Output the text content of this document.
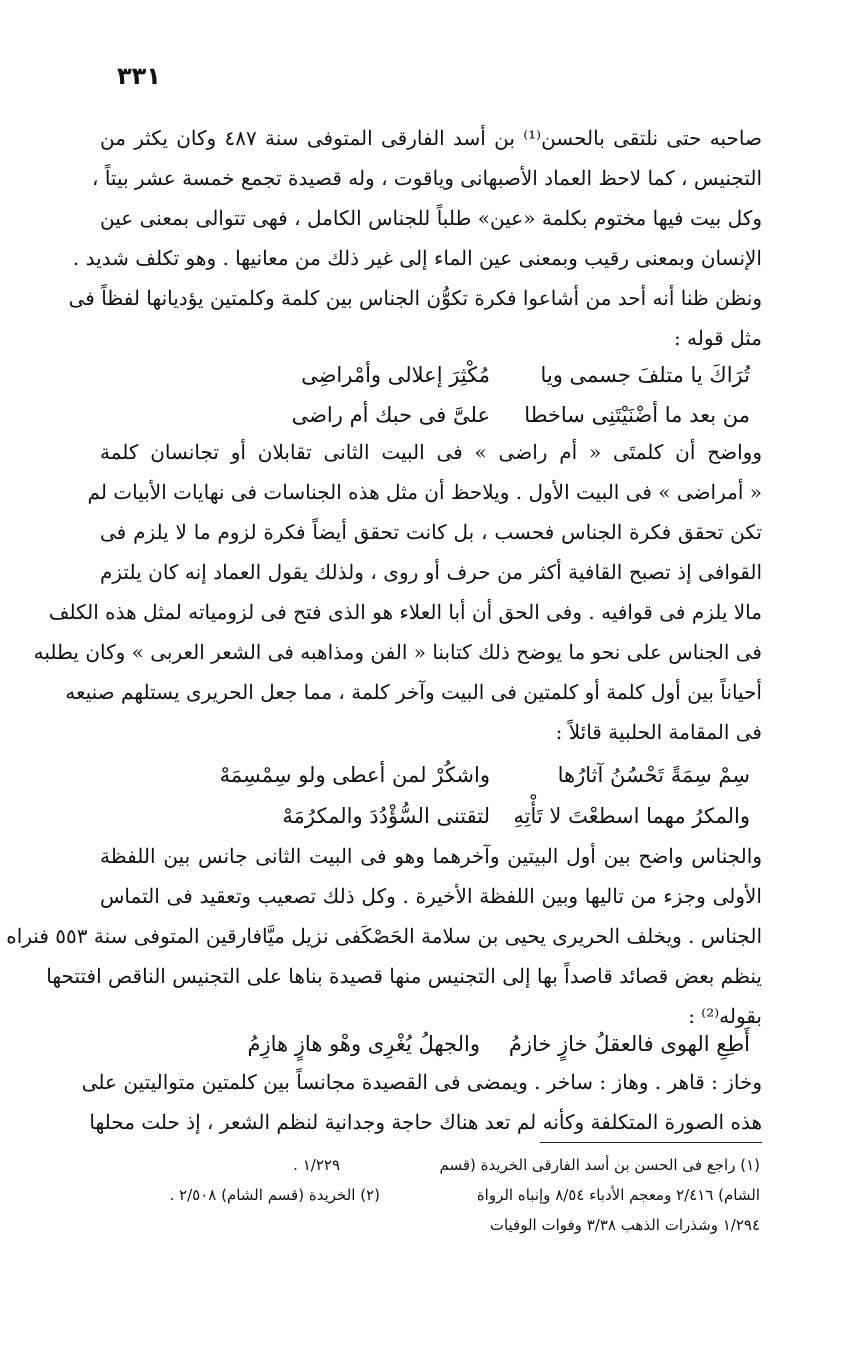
٣٣١
صاحبه حتى نلتقى بالحسن⁽¹⁾ بن أسد الفارقى المتوفى سنة ٤٨٧ وكان يكثر من
التجنيس ، كما لاحظ العماد الأصبهانى وياقوت ، وله قصيدة تجمع خمسة عشر بيتاً ،
وكل بيت فيها مختوم بكلمة «عين» طلباً للجناس الكامل ، فهى تتوالى بمعنى عين
الإنسان وبمعنى رقيب وبمعنى عين الماء إلى غير ذلك من معانيها . وهو تكلف شديد .
ونظن ظنا أنه أحد من أشاعوا فكرة تكوُّن الجناس بين كلمة وكلمتين يؤديانها لفظاً فى
مثل قوله :
تُرَاكَ يا متلفَ جسمى ويا
مُكْثِرَ إعلالى وأمْراضِى
من بعد ما أضْنَيْتَنِى ساخطا
علىَّ فى حبك أم راضى
وواضح أن كلمتَى « أم راضى » فى البيت الثانى تقابلان أو تجانسان كلمة
« أمراضى » فى البيت الأول . ويلاحظ أن مثل هذه الجناسات فى نهايات الأبيات لم
تكن تحقق فكرة الجناس فحسب ، بل كانت تحقق أيضاً فكرة لزوم ما لا يلزم فى
القوافى إذ تصبح القافية أكثر من حرف أو روى ، ولذلك يقول العماد إنه كان يلتزم
مالا يلزم فى قوافيه . وفى الحق أن أبا العلاء هو الذى فتح فى لزومياته لمثل هذه الكلف
فى الجناس على نحو ما يوضح ذلك كتابنا « الفن ومذاهبه فى الشعر العربى » وكان يطلبه
أحياناً بين أول كلمة أو كلمتين فى البيت وآخر كلمة ، مما جعل الحريرى يستلهم صنيعه
فى المقامة الحلبية قائلاً :
سِمْ سِمَةً تَحْسُنُ آثارُها
واشكُرْ لمن أعطى ولو سِمْسِمَهْ
والمكرُ مهما اسطعْتَ لا تَأْتِهِ
لتقتنى السُّؤْدُدَ والمكرُمَهْ
والجناس واضح بين أول البيتين وآخرهما وهو فى البيت الثانى جانس بين اللفظة
الأولى وجزء من تاليها وبين اللفظة الأخيرة . وكل ذلك تصعيب وتعقيد فى التماس
الجناس . ويخلف الحريرى يحيى بن سلامة الحَصْكَفى نزيل ميَّافارقين المتوفى سنة ٥٥٣ فنراه
ينظم بعض قصائد قاصداً بها إلى التجنيس منها قصيدة بناها على التجنيس الناقص افتتحها
بقوله⁽²⁾ :
أَطِعِ الهوى فالعقلُ خازٍ خازمُ
والجهلُ يُغْرِى وهْو هازٍ هازِمُ
وخاز : قاهر . وهاز : ساخر . ويمضى فى القصيدة مجانساً بين كلمتين متواليتين على
هذه الصورة المتكلفة وكأنه لم تعد هناك حاجة وجدانية لنظم الشعر ، إذ حلت محلها
(١) راجع فى الحسن بن أسد الفارقى الخريدة (قسم
١/٢٢٩ .
الشام) ٢/٤١٦ ومعجم الأدباء ٨/٥٤ وإنباه الرواة
(٢) الخريدة (قسم الشام) ٢/٥٠٨ .
١/٢٩٤ وشذرات الذهب ٣/٣٨ وفوات الوفيات
